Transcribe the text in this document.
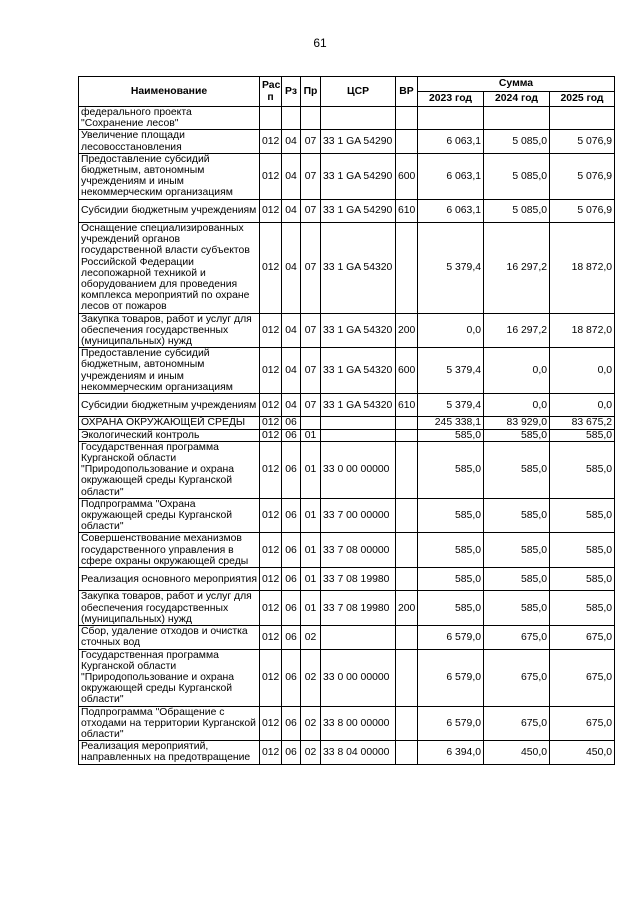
61
Наименование	Рас п	Рз	Пр	ЦСР	ВР	Сумма		
						2023 год	2024 год	2025 год
федерального проекта "Сохранение лесов"								
Увеличение площади лесовосстановления	012	04	07	33 1 GA 54290		6 063,1	5 085,0	5 076,9
Предоставление субсидий бюджетным, автономным учреждениям и иным некоммерческим организациям	012	04	07	33 1 GA 54290	600	6 063,1	5 085,0	5 076,9
Субсидии бюджетным учреждениям	012	04	07	33 1 GA 54290	610	6 063,1	5 085,0	5 076,9
Оснащение специализированных учреждений органов государственной власти субъектов Российской Федерации лесопожарной техникой и оборудованием для проведения комплекса мероприятий по охране лесов от пожаров	012	04	07	33 1 GA 54320		5 379,4	16 297,2	18 872,0
Закупка товаров, работ и услуг для обеспечения государственных (муниципальных) нужд	012	04	07	33 1 GA 54320	200	0,0	16 297,2	18 872,0
Предоставление субсидий бюджетным, автономным учреждениям и иным некоммерческим организациям	012	04	07	33 1 GA 54320	600	5 379,4	0,0	0,0
Субсидии бюджетным учреждениям	012	04	07	33 1 GA 54320	610	5 379,4	0,0	0,0
ОХРАНА ОКРУЖАЮЩЕЙ СРЕДЫ	012	06				245 338,1	83 929,0	83 675,2
Экологический контроль	012	06	01			585,0	585,0	585,0
Государственная программа Курганской области "Природопользование и охрана окружающей среды Курганской области"	012	06	01	33 0 00 00000		585,0	585,0	585,0
Подпрограмма "Охрана окружающей среды Курганской области"	012	06	01	33 7 00 00000		585,0	585,0	585,0
Совершенствование механизмов государственного управления в сфере охраны окружающей среды	012	06	01	33 7 08 00000		585,0	585,0	585,0
Реализация основного мероприятия	012	06	01	33 7 08 19980		585,0	585,0	585,0
Закупка товаров, работ и услуг для обеспечения государственных (муниципальных) нужд	012	06	01	33 7 08 19980	200	585,0	585,0	585,0
Сбор, удаление отходов и очистка сточных вод	012	06	02			6 579,0	675,0	675,0
Государственная программа Курганской области "Природопользование и охрана окружающей среды Курганской области"	012	06	02	33 0 00 00000		6 579,0	675,0	675,0
Подпрограмма "Обращение с отходами на территории Курганской области"	012	06	02	33 8 00 00000		6 579,0	675,0	675,0
Реализация мероприятий, направленных на предотвращение	012	06	02	33 8 04 00000		6 394,0	450,0	450,0
